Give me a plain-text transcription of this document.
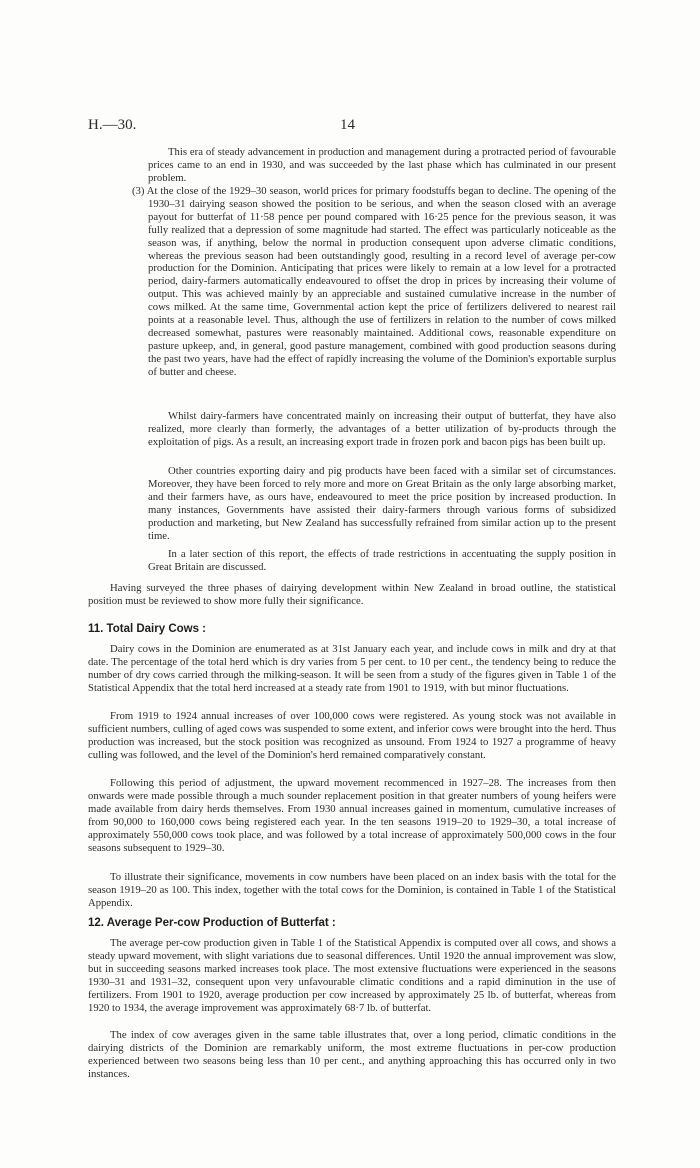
H.—30.	14

This era of steady advancement in production and management during a protracted period of favourable prices came to an end in 1930, and was succeeded by the last phase which has culminated in our present problem.

(3) At the close of the 1929–30 season, world prices for primary foodstuffs began to decline. The opening of the 1930–31 dairying season showed the position to be serious, and when the season closed with an average payout for butterfat of 11·58 pence per pound compared with 16·25 pence for the previous season, it was fully realized that a depression of some magnitude had started. The effect was particularly noticeable as the season was, if anything, below the normal in production consequent upon adverse climatic conditions, whereas the previous season had been outstandingly good, resulting in a record level of average per-cow production for the Dominion. Anticipating that prices were likely to remain at a low level for a protracted period, dairy-farmers automatically endeavoured to offset the drop in prices by increasing their volume of output. This was achieved mainly by an appreciable and sustained cumulative increase in the number of cows milked. At the same time, Governmental action kept the price of fertilizers delivered to nearest rail points at a reasonable level. Thus, although the use of fertilizers in relation to the number of cows milked decreased somewhat, pastures were reasonably maintained. Additional cows, reasonable expenditure on pasture upkeep, and, in general, good pasture management, combined with good production seasons during the past two years, have had the effect of rapidly increasing the volume of the Dominion's exportable surplus of butter and cheese.

Whilst dairy-farmers have concentrated mainly on increasing their output of butterfat, they have also realized, more clearly than formerly, the advantages of a better utilization of by-products through the exploitation of pigs. As a result, an increasing export trade in frozen pork and bacon pigs has been built up.

Other countries exporting dairy and pig products have been faced with a similar set of circumstances. Moreover, they have been forced to rely more and more on Great Britain as the only large absorbing market, and their farmers have, as ours have, endeavoured to meet the price position by increased production. In many instances, Governments have assisted their dairy-farmers through various forms of subsidized production and marketing, but New Zealand has successfully refrained from similar action up to the present time.

In a later section of this report, the effects of trade restrictions in accentuating the supply position in Great Britain are discussed.

Having surveyed the three phases of dairying development within New Zealand in broad outline, the statistical position must be reviewed to show more fully their significance.

11. Total Dairy Cows :

Dairy cows in the Dominion are enumerated as at 31st January each year, and include cows in milk and dry at that date. The percentage of the total herd which is dry varies from 5 per cent. to 10 per cent., the tendency being to reduce the number of dry cows carried through the milking-season. It will be seen from a study of the figures given in Table 1 of the Statistical Appendix that the total herd increased at a steady rate from 1901 to 1919, with but minor fluctuations.

From 1919 to 1924 annual increases of over 100,000 cows were registered. As young stock was not available in sufficient numbers, culling of aged cows was suspended to some extent, and inferior cows were brought into the herd. Thus production was increased, but the stock position was recognized as unsound. From 1924 to 1927 a programme of heavy culling was followed, and the level of the Dominion's herd remained comparatively constant.

Following this period of adjustment, the upward movement recommenced in 1927–28. The increases from then onwards were made possible through a much sounder replacement position in that greater numbers of young heifers were made available from dairy herds themselves. From 1930 annual increases gained in momentum, cumulative increases of from 90,000 to 160,000 cows being registered each year. In the ten seasons 1919–20 to 1929–30, a total increase of approximately 550,000 cows took place, and was followed by a total increase of approximately 500,000 cows in the four seasons subsequent to 1929–30.

To illustrate their significance, movements in cow numbers have been placed on an index basis with the total for the season 1919–20 as 100. This index, together with the total cows for the Dominion, is contained in Table 1 of the Statistical Appendix.

12. Average Per-cow Production of Butterfat :

The average per-cow production given in Table 1 of the Statistical Appendix is computed over all cows, and shows a steady upward movement, with slight variations due to seasonal differences. Until 1920 the annual improvement was slow, but in succeeding seasons marked increases took place. The most extensive fluctuations were experienced in the seasons 1930–31 and 1931–32, consequent upon very unfavourable climatic conditions and a rapid diminution in the use of fertilizers. From 1901 to 1920, average production per cow increased by approximately 25 lb. of butterfat, whereas from 1920 to 1934, the average improvement was approximately 68·7 lb. of butterfat.

The index of cow averages given in the same table illustrates that, over a long period, climatic conditions in the dairying districts of the Dominion are remarkably uniform, the most extreme fluctuations in per-cow production experienced between two seasons being less than 10 per cent., and anything approaching this has occurred only in two instances.
